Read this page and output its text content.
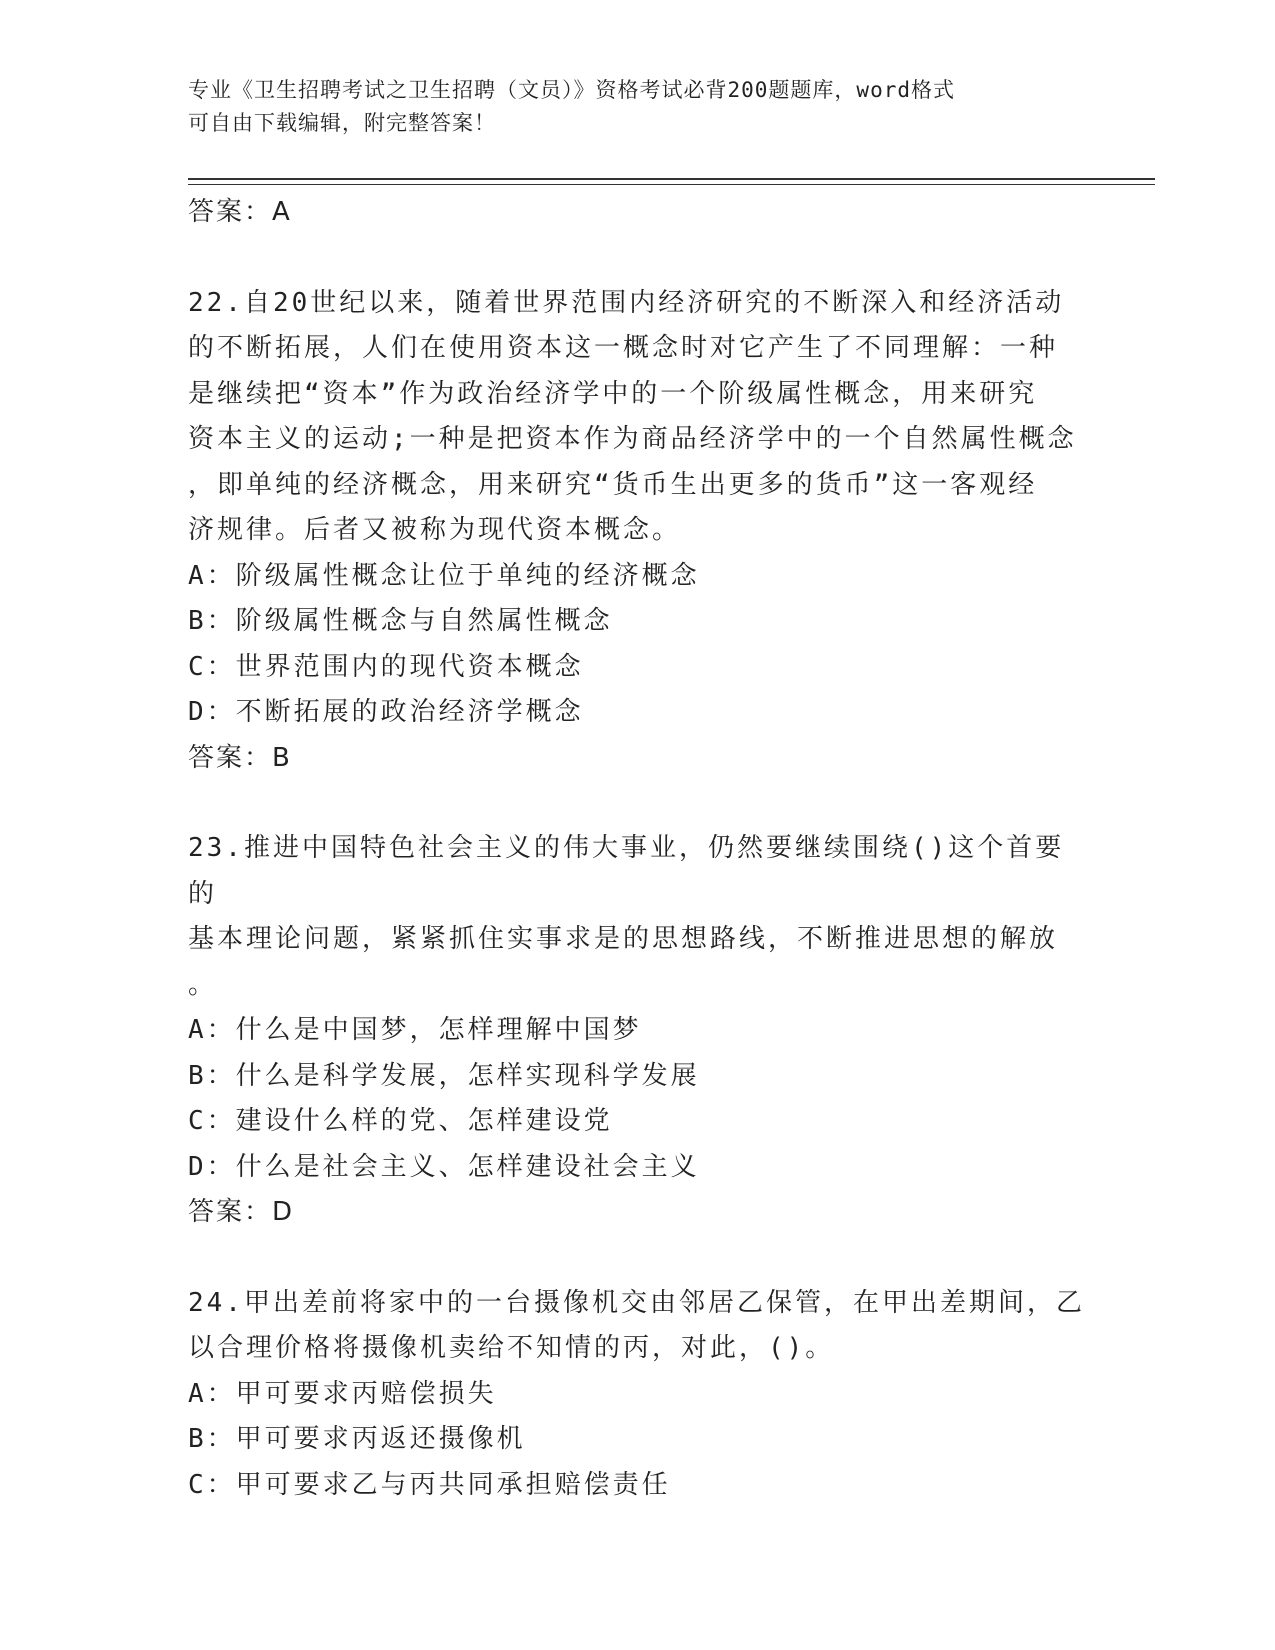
专业《卫生招聘考试之卫生招聘（文员）》资格考试必背200题题库，word格式
可自由下载编辑，附完整答案！
答案：A
22.自20世纪以来，随着世界范围内经济研究的不断深入和经济活动
的不断拓展，人们在使用资本这一概念时对它产生了不同理解：一种
是继续把“资本”作为政治经济学中的一个阶级属性概念，用来研究
资本主义的运动;一种是把资本作为商品经济学中的一个自然属性概念
，即单纯的经济概念，用来研究“货币生出更多的货币”这一客观经
济规律。后者又被称为现代资本概念。
A：阶级属性概念让位于单纯的经济概念
B：阶级属性概念与自然属性概念
C：世界范围内的现代资本概念
D：不断拓展的政治经济学概念
答案：B
23.推进中国特色社会主义的伟大事业，仍然要继续围绕()这个首要的
基本理论问题，紧紧抓住实事求是的思想路线，不断推进思想的解放
。
A：什么是中国梦，怎样理解中国梦
B：什么是科学发展，怎样实现科学发展
C：建设什么样的党、怎样建设党
D：什么是社会主义、怎样建设社会主义
答案：D
24.甲出差前将家中的一台摄像机交由邻居乙保管，在甲出差期间，乙
以合理价格将摄像机卖给不知情的丙，对此，()。
A：甲可要求丙赔偿损失
B：甲可要求丙返还摄像机
C：甲可要求乙与丙共同承担赔偿责任
